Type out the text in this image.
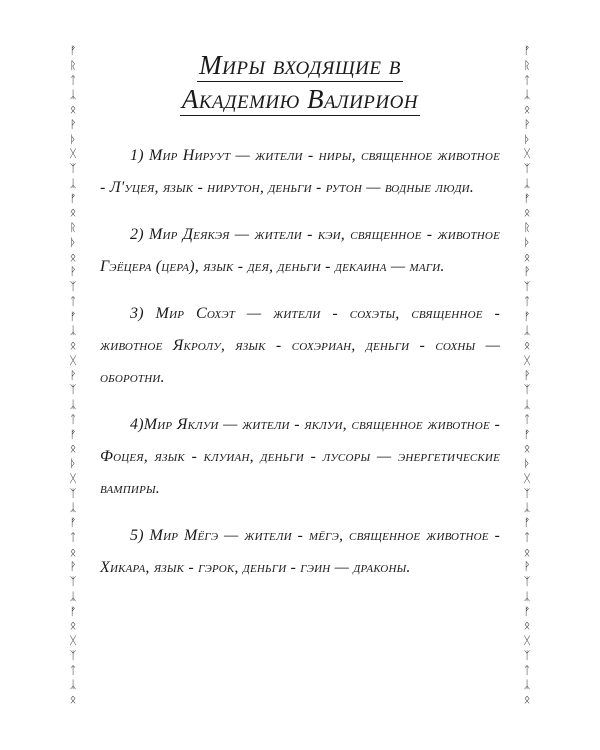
ᚠ
ᚱ
ᛏ
ᛣ
ᛟ
ᚹ
ᚦ
ᚷ
ᛉ
ᛣ
ᚠ
ᛟ
ᚱ
ᚦ
ᛟ
ᚹ
ᛉ
ᛏ
ᚠ
ᛣ
ᛟ
ᚷ
ᚹ
ᛉ
ᛣ
ᛏ
ᚠ
ᛟ
ᚦ
ᚷ
ᛉ
ᛣ
ᚠ
ᛏ
ᛟ
ᚹ
ᛉ
ᛣ
ᚠ
ᛟ
ᚷ
ᛉ
ᛏ
ᛣ
ᛟ
ᚠ
ᚱ
ᛏ
ᛣ
ᛟ
ᚹ
ᚦ
ᚷ
ᛉ
ᛣ
ᚠ
ᛟ
ᚱ
ᚦ
ᛟ
ᚹ
ᛉ
ᛏ
ᚠ
ᛣ
ᛟ
ᚷ
ᚹ
ᛉ
ᛣ
ᛏ
ᚠ
ᛟ
ᚦ
ᚷ
ᛉ
ᛣ
ᚠ
ᛏ
ᛟ
ᚹ
ᛉ
ᛣ
ᚠ
ᛟ
ᚷ
ᛉ
ᛏ
ᛣ
ᛟ
Миры входящие в
Академию Валирион

1) Мир Нируут — жители - ниры, священное животное - Л'уцея, язык - нирутон, деньги - рутон — водные люди.

2) Мир Деякэя — жители - кэи, священное - животное Гэёцера (цера), язык - дея, деньги - декаина — маги.

3) Мир Сохэт — жители - сохэты, священное - животное Якролу, язык - сохэриан, деньги - сохны — оборотни.

4)Мир Яклуи — жители - яклуи, священное животное - Фоцея, язык - клуиан, деньги - лусоры — энергетические вампиры.

5) Мир Мёгэ — жители - мёгэ, священное животное - Хикара, язык - гэрок, деньги - гэин — драконы.
